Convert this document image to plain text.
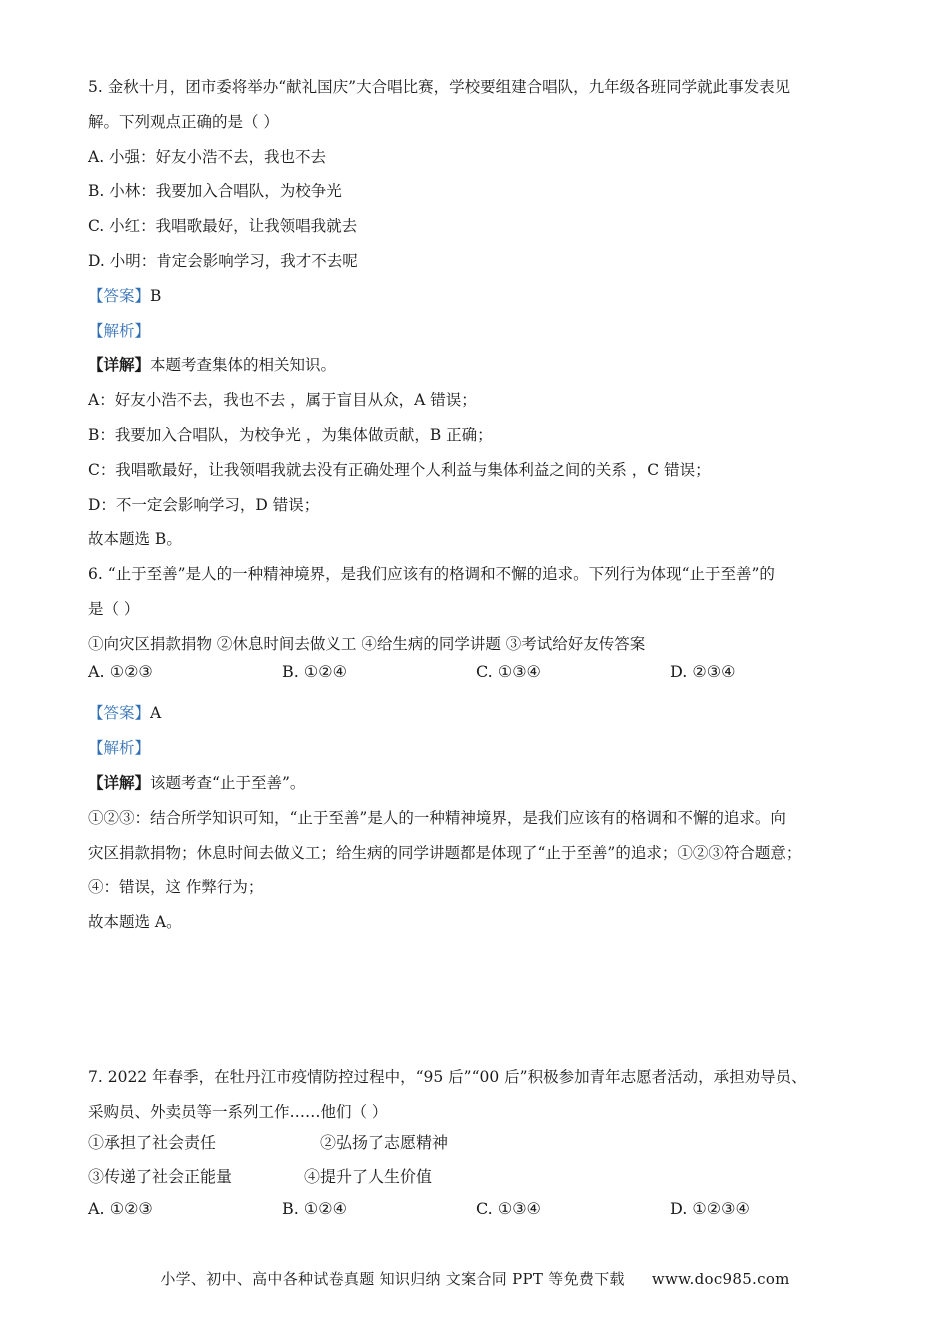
5. 金秋十月，团市委将举办“献礼国庆”大合唱比赛，学校要组建合唱队，九年级各班同学就此事发表见
解。下列观点正确的是（ ）
A. 小强：好友小浩不去，我也不去
B. 小林：我要加入合唱队，为校争光
C. 小红：我唱歌最好，让我领唱我就去
D. 小明：肯定会影响学习，我才不去呢
【答案】B
【解析】
【详解】本题考查集体的相关知识。
A：好友小浩不去，我也不去 ，属于盲目从众，A 错误；
B：我要加入合唱队，为校争光 ，为集体做贡献，B 正确；
C：我唱歌最好，让我领唱我就去没有正确处理个人利益与集体利益之间的关系 ，C 错误；
D：不一定会影响学习，D 错误；
故本题选 B。
6. “止于至善”是人的一种精神境界，是我们应该有的格调和不懈的追求。下列行为体现“止于至善”的
是（ ）
①向灾区捐款捐物 ②休息时间去做义工 ④给生病的同学讲题 ③考试给好友传答案
A. ①②③	B. ①②④	C. ①③④	D. ②③④
【答案】A
【解析】
【详解】该题考查“止于至善”。
①②③：结合所学知识可知，“止于至善”是人的一种精神境界，是我们应该有的格调和不懈的追求。向
灾区捐款捐物；休息时间去做义工；给生病的同学讲题都是体现了“止于至善”的追求；①②③符合题意；
④：错误，这 作弊行为；
故本题选 A。
7. 2022 年春季，在牡丹江市疫情防控过程中，“95 后”“00 后”积极参加青年志愿者活动，承担劝导员、
采购员、外卖员等一系列工作……他们（ ）
①承担了社会责任	②弘扬了志愿精神
③传递了社会正能量	④提升了人生价值
A. ①②③	B. ①②④	C. ①③④	D. ①②③④
小学、初中、高中各种试卷真题 知识归纳 文案合同 PPT 等免费下载 www.doc985.com
